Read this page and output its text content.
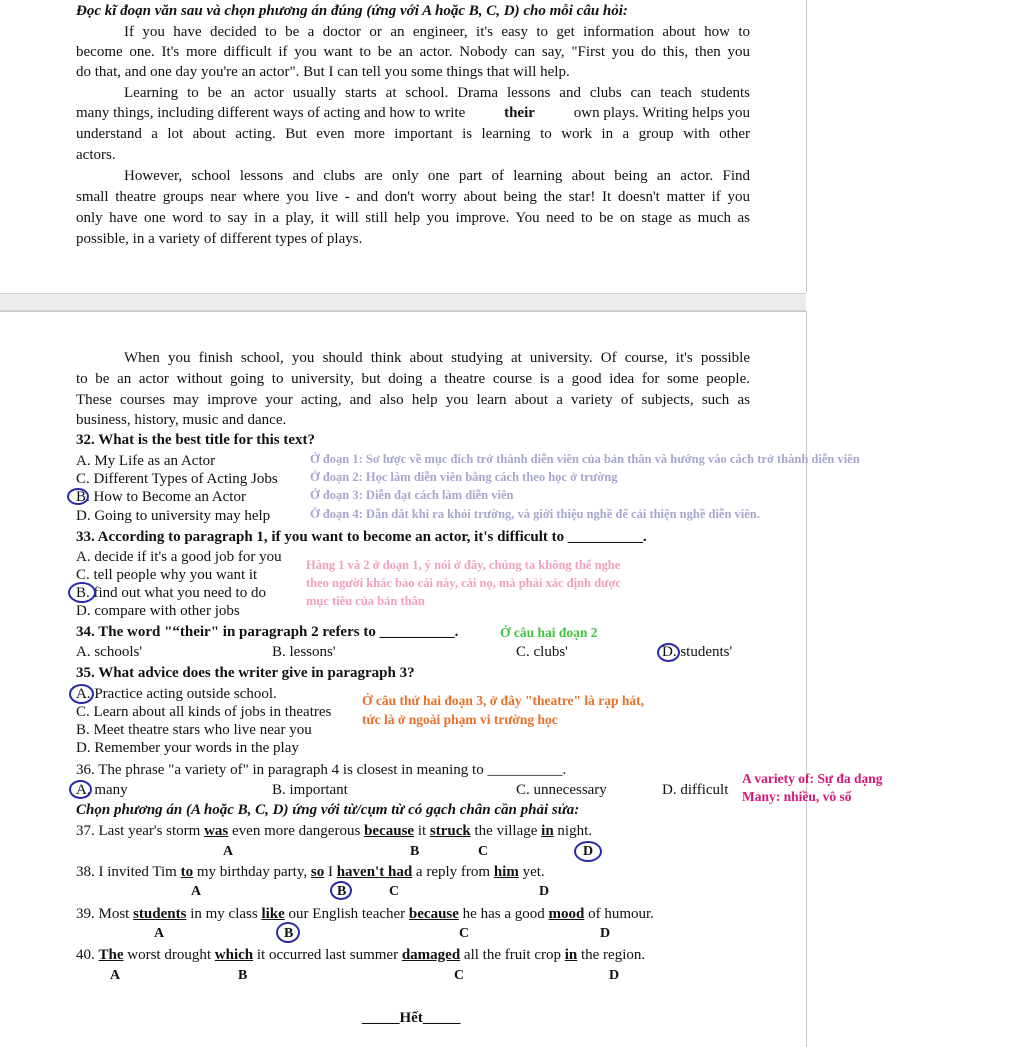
Đọc kĩ đoạn văn sau và chọn phương án đúng (ứng với A hoặc B, C, D) cho mỗi câu hỏi:
If you have decided to be a doctor or an engineer, it's easy to get information about how to
become one. It's more difficult if you want to be an actor. Nobody can say, "First you do this, then you
do that, and one day you're an actor". But I can tell you some things that will help.
Learning to be an actor usually starts at school. Drama lessons and clubs can teach students
many things, including different ways of acting and how to write	their	own plays. Writing helps you
understand a lot about acting. But even more important is learning to work in a group with other
actors.
However, school lessons and clubs are only one part of learning about being an actor. Find
small theatre groups near where you live - and don't worry about being the star! It doesn't matter if you
only have one word to say in a play, it will still help you improve. You need to be on stage as much as
possible, in a variety of different types of plays.
When you finish school, you should think about studying at university. Of course, it's possible
to be an actor without going to university, but doing a theatre course is a good idea for some people.
These courses may improve your acting, and also help you learn about a variety of subjects, such as
business, history, music and dance.
32. What is the best title for this text?
A. My Life as an Actor
C. Different Types of Acting Jobs
B. How to Become an Actor
D. Going to university may help
Ở đoạn 1: Sơ lược về mục đích trở thành diễn viên của bản thân và hướng vào cách trở thành diễn viên
Ở đoạn 2: Học làm diễn viên bằng cách theo học ở trường
Ở đoạn 3: Diễn đạt cách làm diễn viên
Ở đoạn 4: Dẫn dắt khi ra khỏi trường, và giới thiệu nghề để cải thiện nghề diễn viên.
33. According to paragraph 1, if you want to become an actor, it's difficult to __________.
A. decide if it's a good job for you
C. tell people why you want it
B. find out what you need to do
D. compare with other jobs
Hàng 1 và 2 ở đoạn 1, ý nói ở đây, chúng ta không thể nghe
theo người khác bảo cái này, cái nọ, mà phải xác định được
mục tiêu của bản thân
34. The word "“their" in paragraph 2 refers to __________.	Ở câu hai đoạn 2
A. schools'	B. lessons'	C. clubs'	D. students'
35. What advice does the writer give in paragraph 3?
A. Practice acting outside school.
C. Learn about all kinds of jobs in theatres
B. Meet theatre stars who live near you
D. Remember your words in the play
Ở câu thứ hai đoạn 3, ở đây "theatre" là rạp hát,
tức là ở ngoài phạm vi trường học
36. The phrase "a variety of" in paragraph 4 is closest in meaning to __________.
A. many	B. important	C. unnecessary	D. difficult
A variety of: Sự đa dạng
Many: nhiều, vô số
Chọn phương án (A hoặc B, C, D) ứng với từ/cụm từ có gạch chân cần phải sửa:
37. Last year's storm was even more dangerous because it struck the village in night.
A	B	C	D
38. I invited Tim to my birthday party, so I haven't had a reply from him yet.
A	B	C	D
39. Most students in my class like our English teacher because he has a good mood of humour.
A	B	C	D
40. The worst drought which it occurred last summer damaged all the fruit crop in the region.
A	B	C	D
_____Hết_____
